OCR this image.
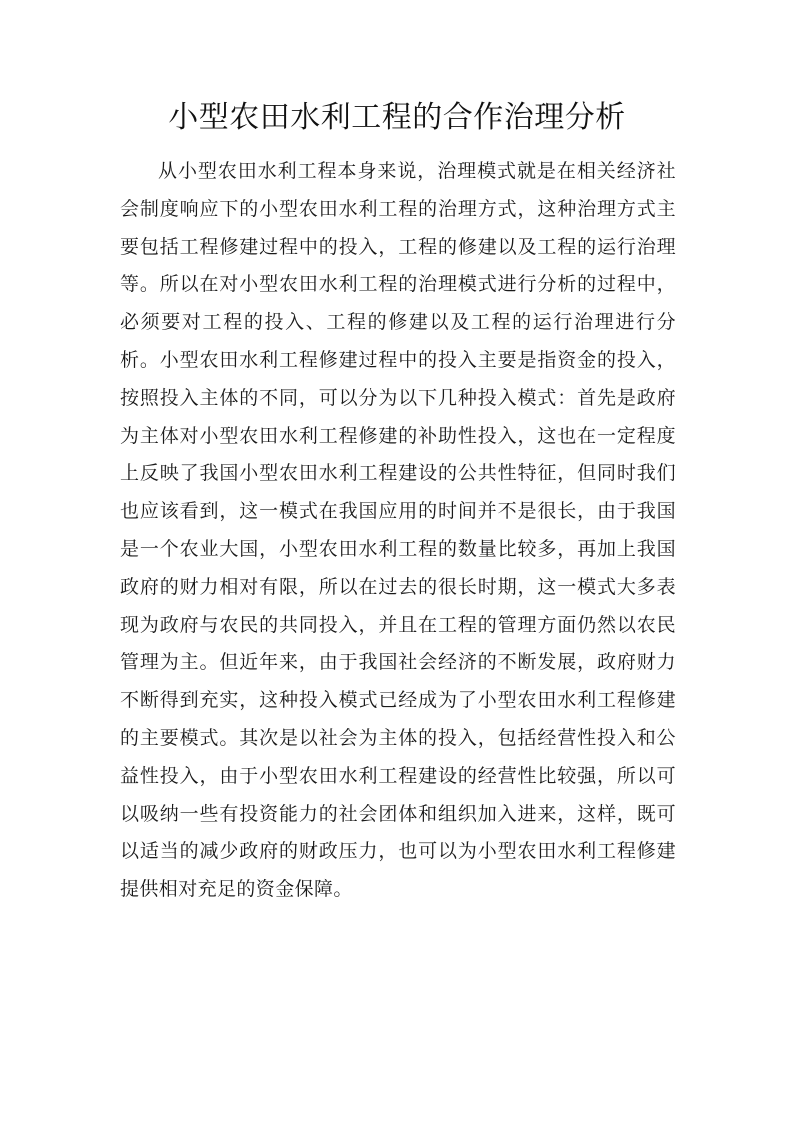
小型农田水利工程的合作治理分析

从小型农田水利工程本身来说，治理模式就是在相关经济社会制度响应下的小型农田水利工程的治理方式，这种治理方式主要包括工程修建过程中的投入，工程的修建以及工程的运行治理等。所以在对小型农田水利工程的治理模式进行分析的过程中，必须要对工程的投入、工程的修建以及工程的运行治理进行分析。小型农田水利工程修建过程中的投入主要是指资金的投入，按照投入主体的不同，可以分为以下几种投入模式：首先是政府为主体对小型农田水利工程修建的补助性投入，这也在一定程度上反映了我国小型农田水利工程建设的公共性特征，但同时我们也应该看到，这一模式在我国应用的时间并不是很长，由于我国是一个农业大国，小型农田水利工程的数量比较多，再加上我国政府的财力相对有限，所以在过去的很长时期，这一模式大多表现为政府与农民的共同投入，并且在工程的管理方面仍然以农民管理为主。但近年来，由于我国社会经济的不断发展，政府财力不断得到充实，这种投入模式已经成为了小型农田水利工程修建的主要模式。其次是以社会为主体的投入，包括经营性投入和公益性投入，由于小型农田水利工程建设的经营性比较强，所以可以吸纳一些有投资能力的社会团体和组织加入进来，这样，既可以适当的减少政府的财政压力，也可以为小型农田水利工程修建提供相对充足的资金保障。
